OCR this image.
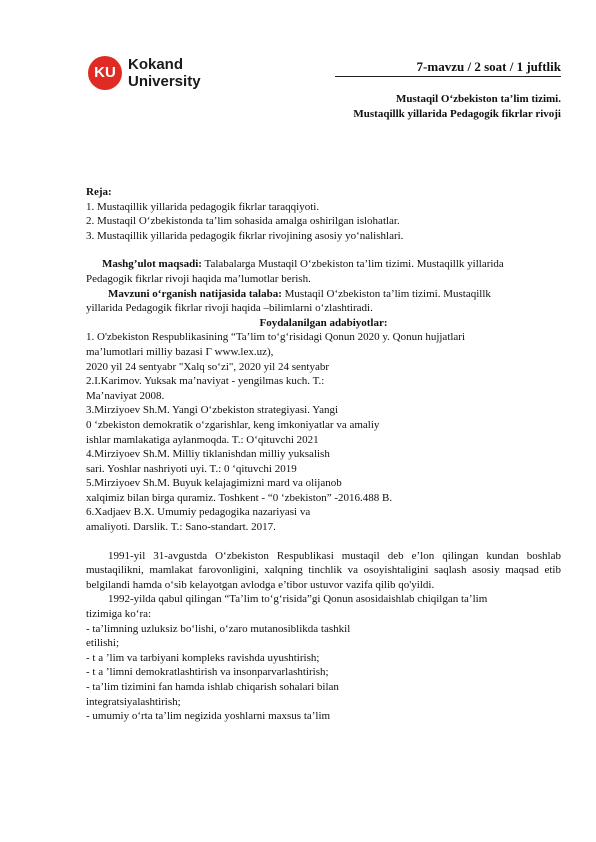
KU Kokand
University
7-mavzu / 2 soat / 1 juftlik
Mustaqil O‘zbekiston ta’lim tizimi.
Mustaqillk yillarida Pedagogik fikrlar rivoji

Reja:

1. Mustaqillik yillarida pedagogik fikrlar taraqqiyoti.

2. Mustaqil O‘zbekistonda ta’lim sohasida amalga oshirilgan islohatlar.

3. Mustaqillik yillarida pedagogik fikrlar rivojining asosiy yo‘nalishlari.

Mashg’ulot maqsadi: Talabalarga Mustaqil O‘zbekiston ta’lim tizimi. Mustaqillk yillarida

Pedagogik fikrlar rivoji haqida ma’lumotlar berish.

Mavzuni o‘rganish natijasida talaba: Mustaqil O‘zbekiston ta’lim tizimi. Mustaqillk

yillarida Pedagogik fikrlar rivoji haqida –bilimlarni o‘zlashtiradi.

Foydalanilgan adabiyotlar:

1. O'zbekiston Respublikasining “Ta’lim to‘g‘risidagi Qonun 2020 y. Qonun hujjatlari

ma’lumotlari milliy bazasi Г www.lex.uz),

2020 yil 24 sentyabr "Xalq so‘zi", 2020 yil 24 sentyabr

2.I.Karimov. Yuksak ma’naviyat - yengilmas kuch. T.:

Ma’naviyat 2008.

3.Mirziyoev Sh.M. Yangi O‘zbekiston strategiyasi. Yangi

0 ‘zbekiston demokratik o‘zgarishlar, keng imkoniyatlar va amaliy

ishlar mamlakatiga aylanmoqda. T.: O‘qituvchi 2021

4.Mirziyoev Sh.M. Milliy tiklanishdan milliy yuksalish

sari. Yoshlar nashriyoti uyi. T.: 0 ‘qituvchi 2019

5.Mirziyoev Sh.M. Buyuk kelajagimizni mard va olijanob

xalqimiz bilan birga quramiz. Toshkent - “0 ‘zbekiston” -2016.488 B.

6.Xadjaev B.X. Umumiy pedagogika nazariyasi va

amaliyoti. Darslik. T.: Sano-standart. 2017.

1991-yil 31-avgustda O‘zbekiston Respublikasi mustaqil deb e’lon qilingan kundan boshlab mustaqilikni, mamlakat farovonligini, xalqning tinchlik va osoyishtaligini saqlash asosiy maqsad etib belgilandi hamda o‘sib kelayotgan avlodga e’tibor ustuvor vazifa qilib qo'yildi.

1992-yilda qabul qilingan “Ta’lim to‘g‘risida”gi Qonun asosidaishlab chiqilgan ta’lim

tizimiga ko‘ra:

- ta’limning uzluksiz bo‘lishi, o‘zaro mutanosiblikda tashkil

etilishi;

- t a ’lim va tarbiyani kompleks ravishda uyushtirish;

- t a ’limni demokratlashtirish va insonparvarlashtirish;

- ta’lim tizimini fan hamda ishlab chiqarish sohalari bilan

integratsiyalashtirish;

- umumiy o‘rta ta’lim negizida yoshlarni maxsus ta’lim
